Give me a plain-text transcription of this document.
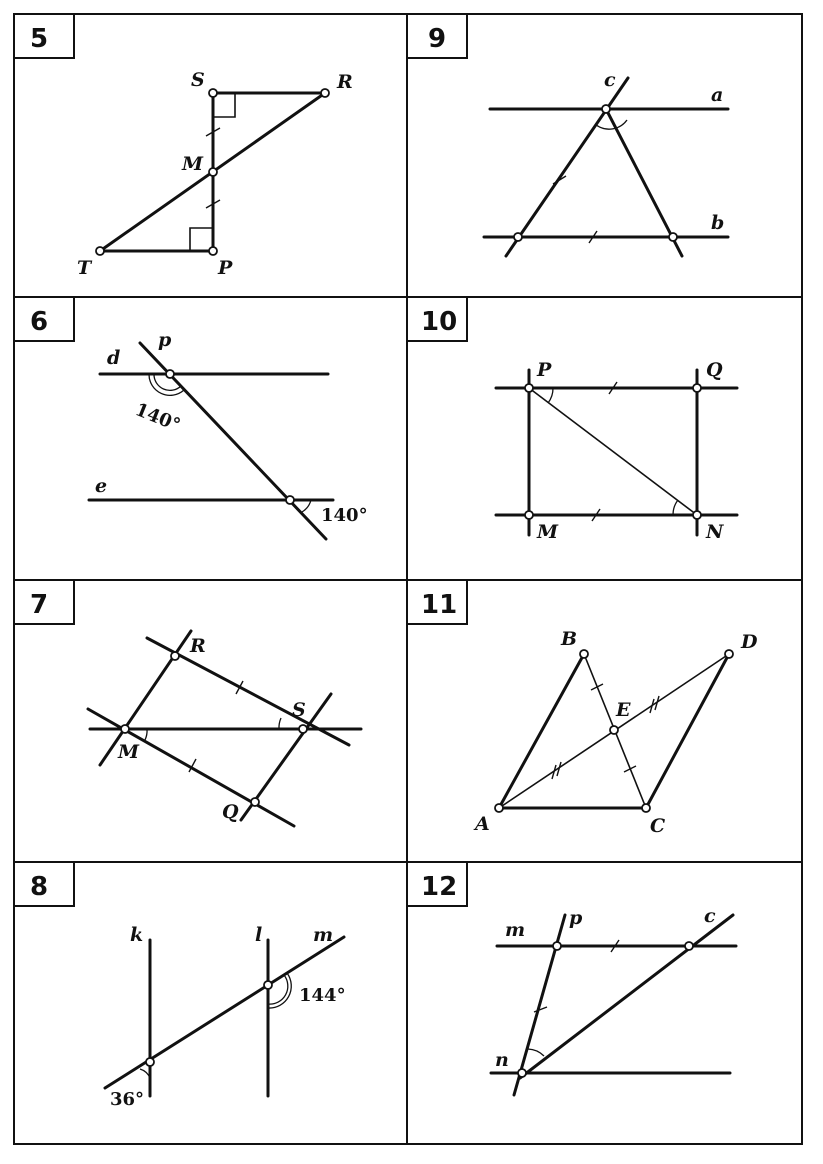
5
S	R
M
T	P
9
c
a
b
6
d
p
e
140°
140°
10
P	Q
M	N
7
R
S
M
Q
11
B	D
E
A	C
8
k	l	m
144°
36°
12
m
p	c
n
